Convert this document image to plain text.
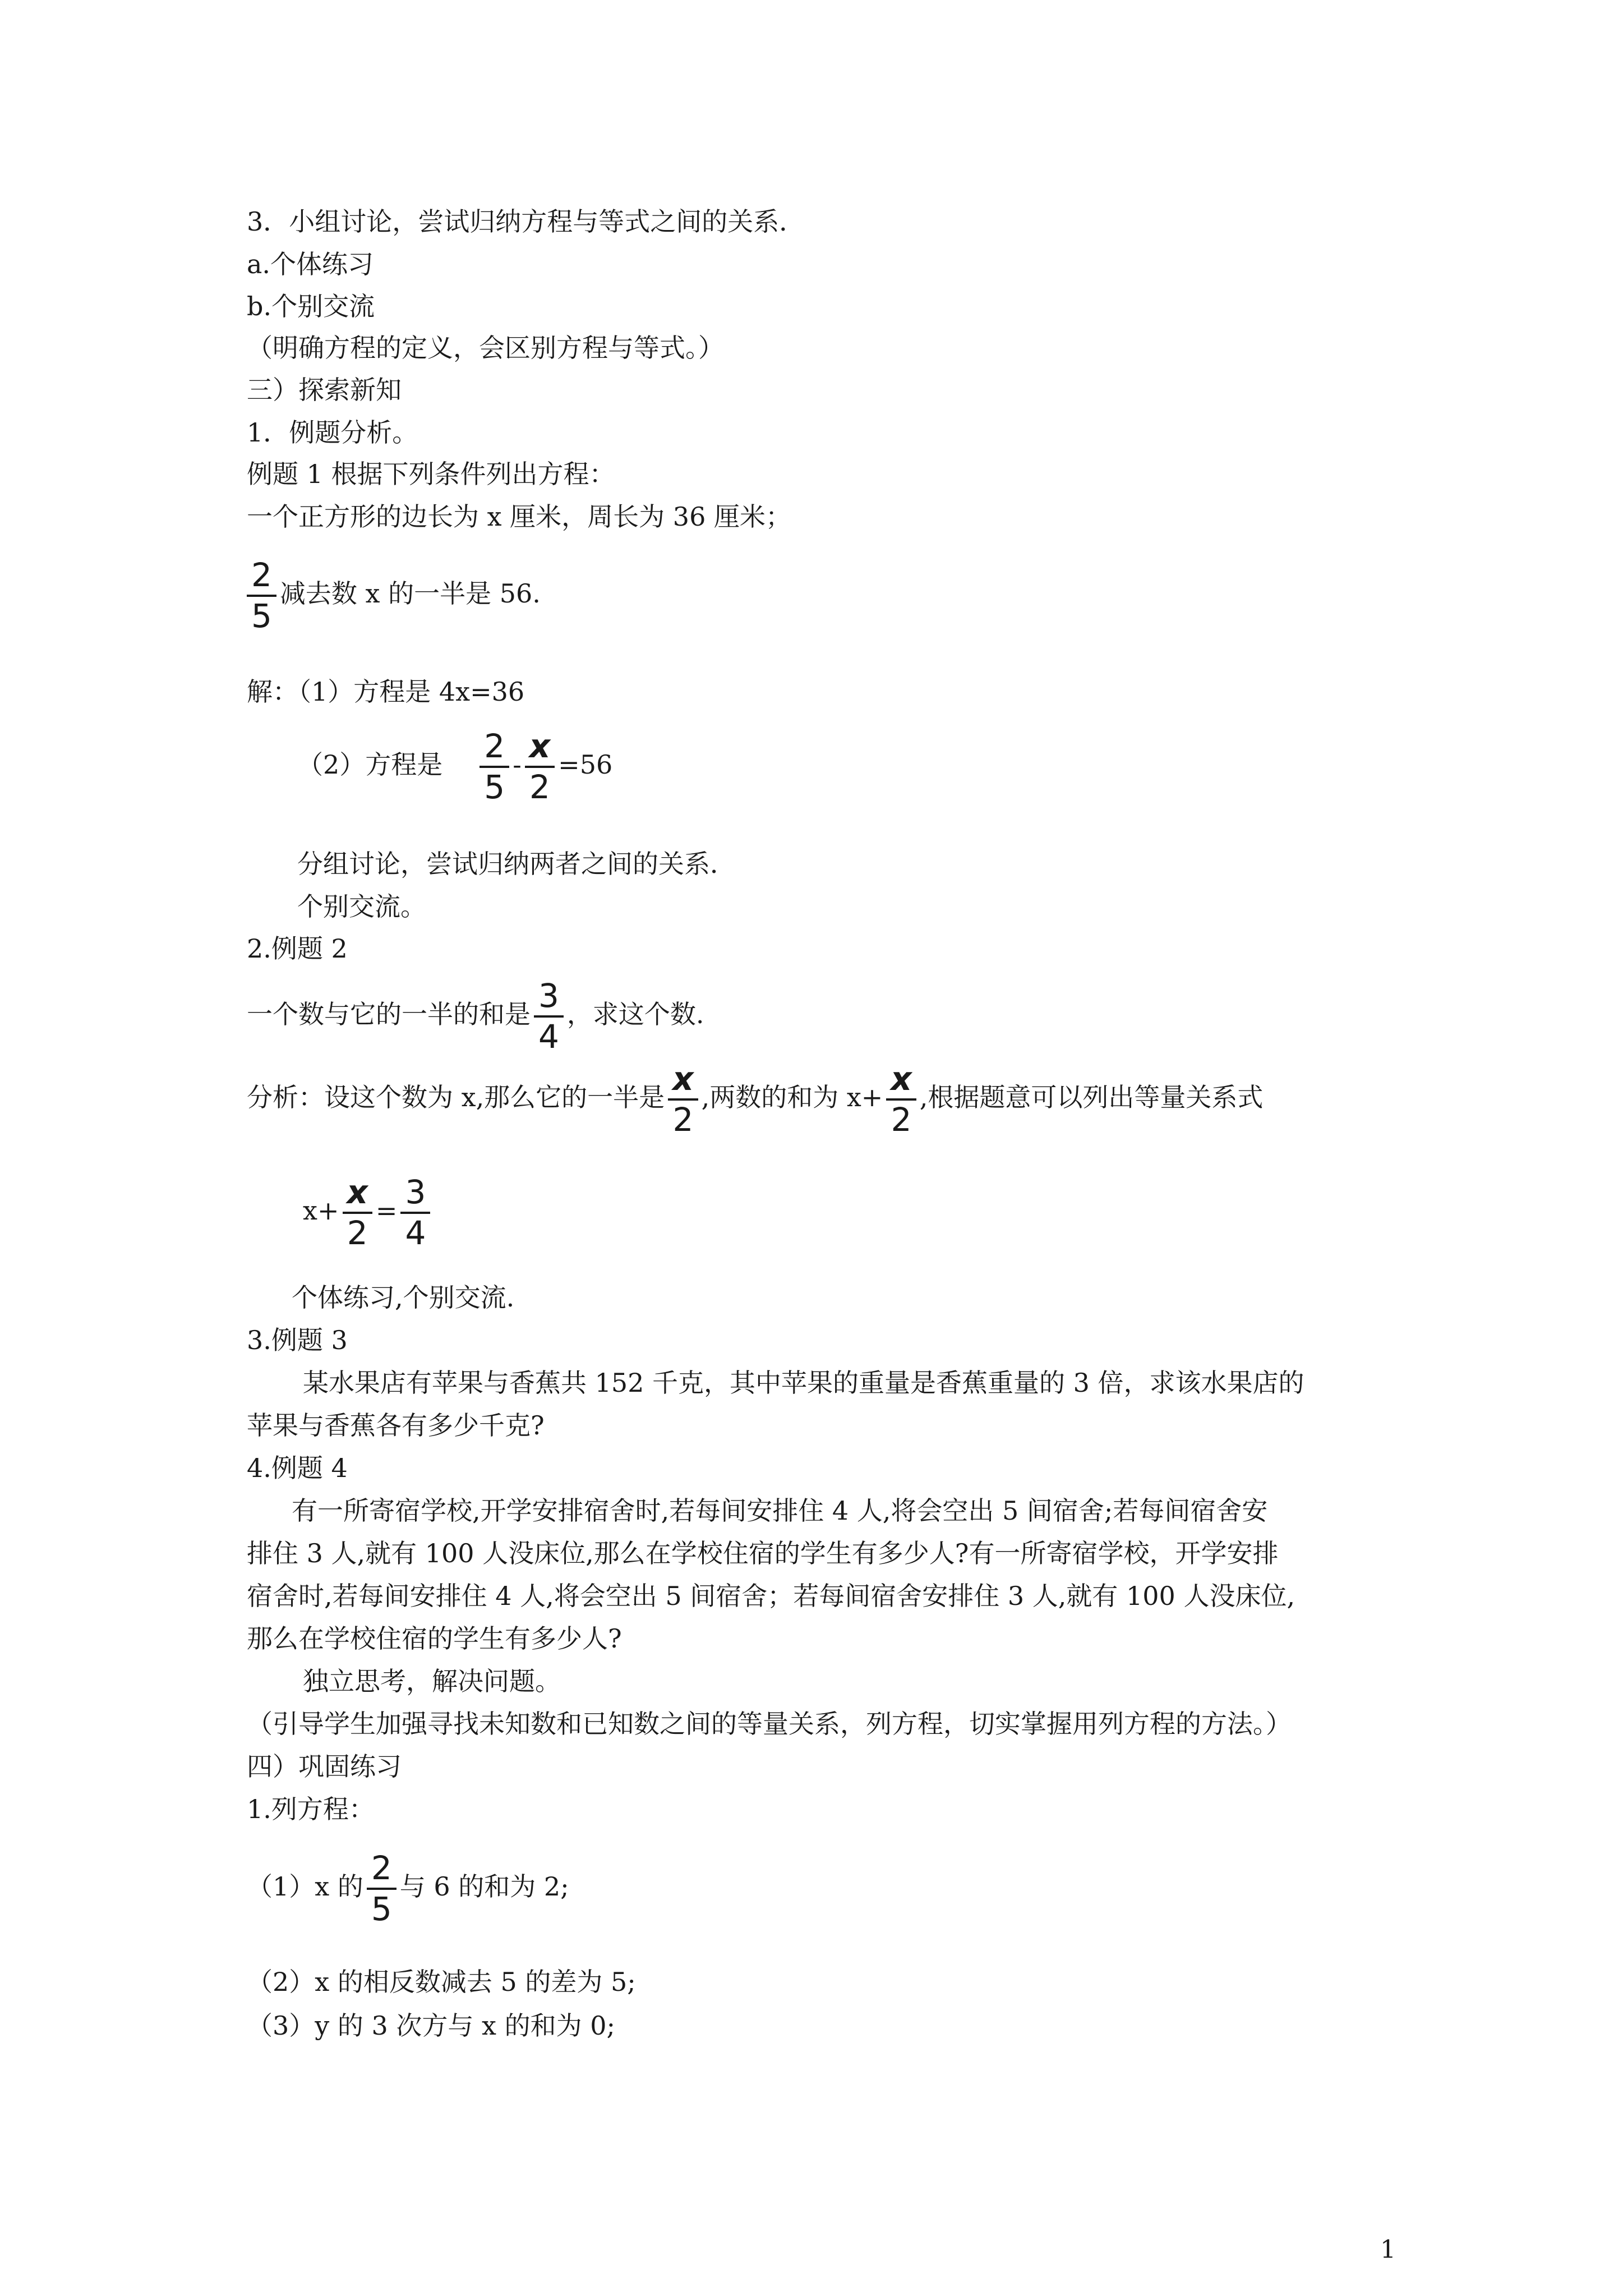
3．小组讨论，尝试归纳方程与等式之间的关系．
a.个体练习
b.个别交流
（明确方程的定义，会区别方程与等式。）
三）探索新知
1．例题分析。
例题 1 根据下列条件列出方程：
一个正方形的边长为 x 厘米，周长为 36 厘米；
$\frac{2}{5}$ 减去数 x 的一半是 56.
解：（1）方程是 4x=36
（2）方程是 $\frac{2}{5} - \frac{x}{2} =56$
分组讨论，尝试归纳两者之间的关系．
个别交流。
2.例题 2
一个数与它的一半的和是 $\frac{3}{4}$ ，求这个数.
分析：设这个数为 x,那么它的一半是 $\frac{x}{2}$ ,两数的和为 $x+ \frac{x}{2}$ ,根据题意可以列出等量关系式
$x+ \frac{x}{2} = \frac{3}{4}$
个体练习,个别交流.
3.例题 3
某水果店有苹果与香蕉共 152 千克，其中苹果的重量是香蕉重量的 3 倍，求该水果店的
苹果与香蕉各有多少千克?
4.例题 4
有一所寄宿学校,开学安排宿舍时,若每间安排住 4 人,将会空出 5 间宿舍;若每间宿舍安
排住 3 人,就有 100 人没床位,那么在学校住宿的学生有多少人?有一所寄宿学校，开学安排
宿舍时,若每间安排住 4 人,将会空出 5 间宿舍；若每间宿舍安排住 3 人,就有 100 人没床位,
那么在学校住宿的学生有多少人?
独立思考，解决问题。
（引导学生加强寻找未知数和已知数之间的等量关系，列方程，切实掌握用列方程的方法。）
四）巩固练习
1.列方程：
（1）x 的 $\frac{2}{5}$ 与 6 的和为 2;
（2）x 的相反数减去 5 的差为 5;
（3）y 的 3 次方与 x 的和为 0;
1
